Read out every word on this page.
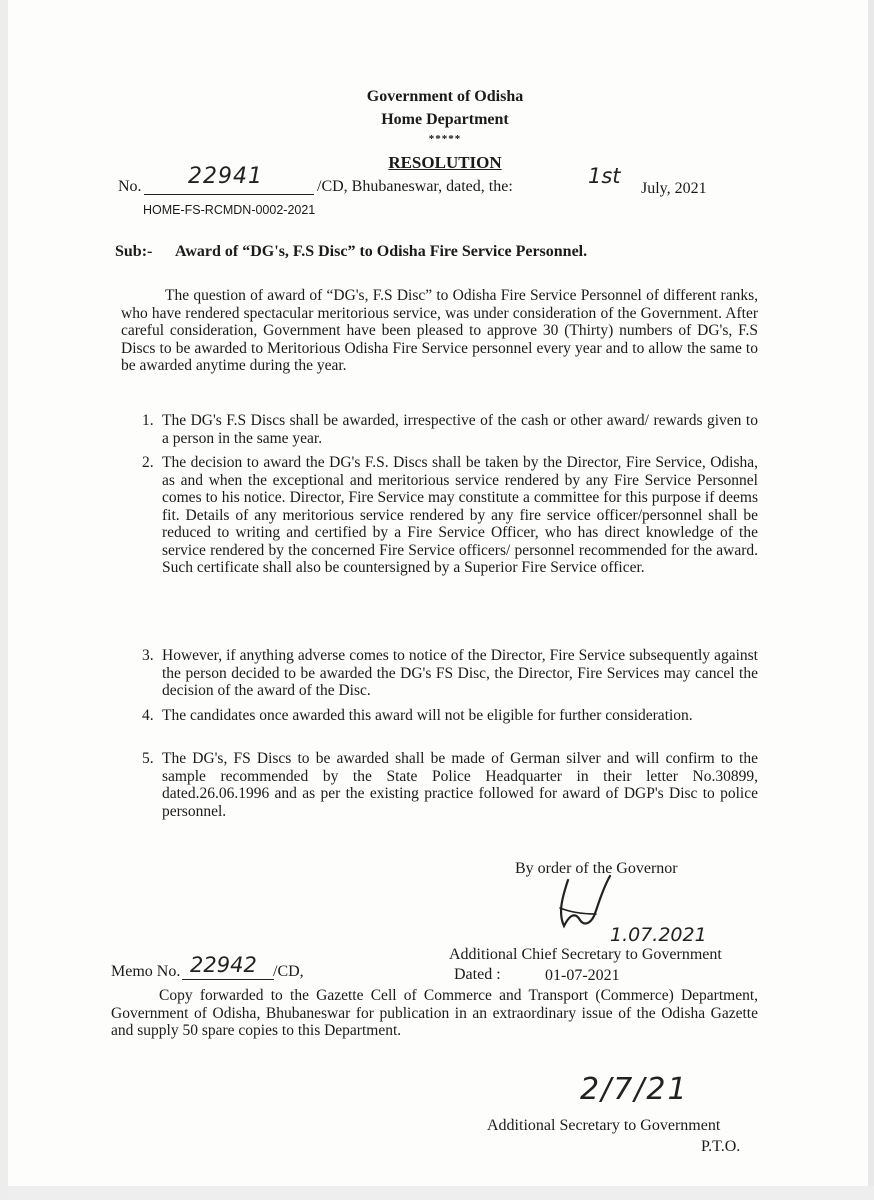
Government of Odisha
Home Department
*****
RESOLUTION
No. 22941	/CD, Bhubaneswar, dated, the:	1st
July, 2021
HOME-FS-RCMDN-0002-2021
Sub:- Award of “DG's, F.S Disc” to Odisha Fire Service Personnel.
The question of award of “DG's, F.S Disc” to Odisha Fire Service Personnel of different ranks, who have rendered spectacular meritorious service, was under consideration of the Government. After careful consideration, Government have been pleased to approve 30 (Thirty) numbers of DG's, F.S Discs to be awarded to Meritorious Odisha Fire Service personnel every year and to allow the same to be awarded anytime during the year.
1. The DG's F.S Discs shall be awarded, irrespective of the cash or other award/ rewards given to a person in the same year.
2. The decision to award the DG's F.S. Discs shall be taken by the Director, Fire Service, Odisha, as and when the exceptional and meritorious service rendered by any Fire Service Personnel comes to his notice. Director, Fire Service may constitute a committee for this purpose if deems fit. Details of any meritorious service rendered by any fire service officer/personnel shall be reduced to writing and certified by a Fire Service Officer, who has direct knowledge of the service rendered by the concerned Fire Service officers/ personnel recommended for the award. Such certificate shall also be countersigned by a Superior Fire Service officer.
3. However, if anything adverse comes to notice of the Director, Fire Service subsequently against the person decided to be awarded the DG's FS Disc, the Director, Fire Services may cancel the decision of the award of the Disc.
4. The candidates once awarded this award will not be eligible for further consideration.
5. The DG's, FS Discs to be awarded shall be made of German silver and will confirm to the sample recommended by the State Police Headquarter in their letter No.30899, dated.26.06.1996 and as per the existing practice followed for award of DGP's Disc to police personnel.
By order of the Governor
1.07.2021
Additional Chief Secretary to Government
Dated :	01-07-2021
Memo No. 22942 /CD,
Copy forwarded to the Gazette Cell of Commerce and Transport (Commerce) Department, Government of Odisha, Bhubaneswar for publication in an extraordinary issue of the Odisha Gazette and supply 50 spare copies to this Department.
2/7/21
Additional Secretary to Government
P.T.O.
